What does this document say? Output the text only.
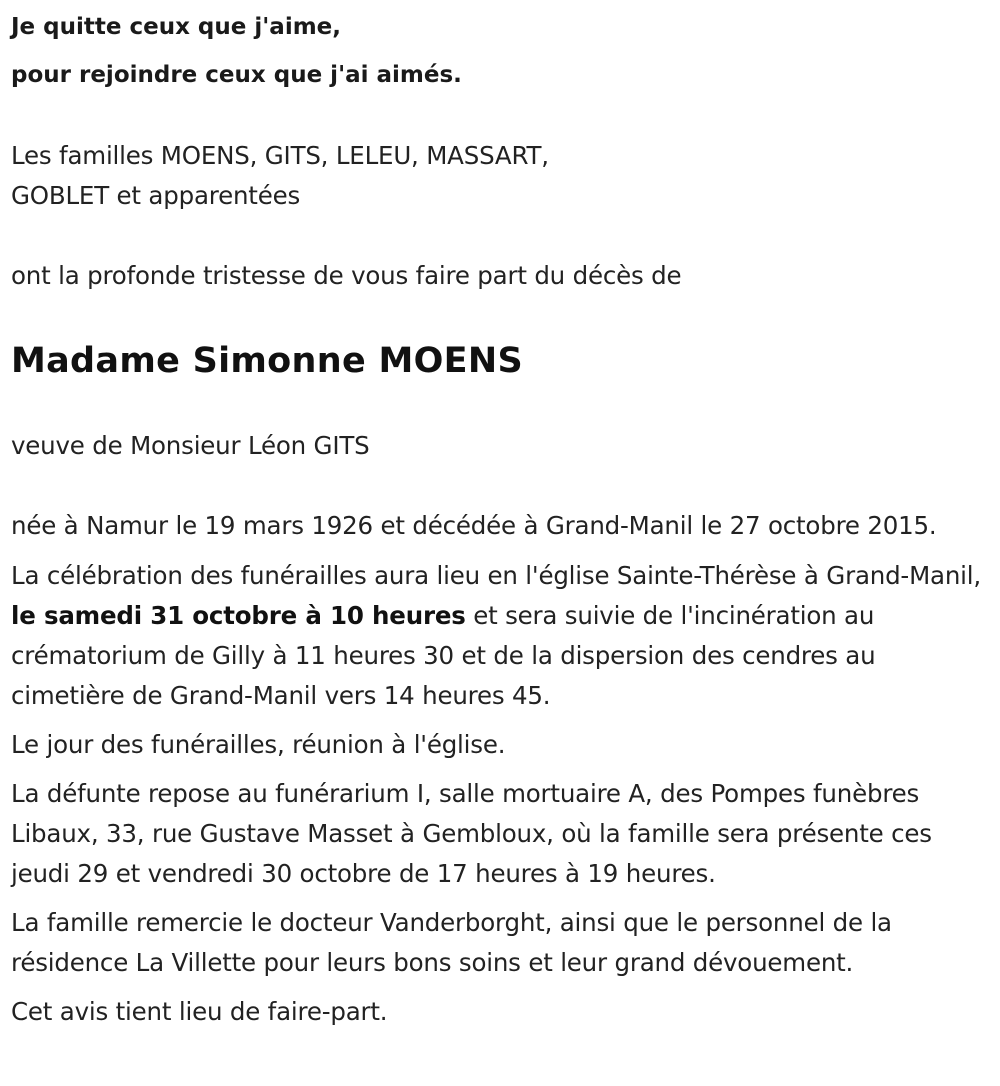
Je quitte ceux que j'aime,

pour rejoindre ceux que j'ai aimés.

Les familles MOENS, GITS, LELEU, MASSART,

GOBLET et apparentées

ont la profonde tristesse de vous faire part du décès de

Madame Simonne MOENS

veuve de Monsieur Léon GITS

née à Namur le 19 mars 1926 et décédée à Grand-Manil le 27 octobre 2015.

La célébration des funérailles aura lieu en l'église Sainte-Thérèse à Grand-Manil, le samedi 31 octobre à 10 heures et sera suivie de l'incinération au crématorium de Gilly à 11 heures 30 et de la dispersion des cendres au cimetière de Grand-Manil vers 14 heures 45.

Le jour des funérailles, réunion à l'église.

La défunte repose au funérarium I, salle mortuaire A, des Pompes funèbres Libaux, 33, rue Gustave Masset à Gembloux, où la famille sera présente ces jeudi 29 et vendredi 30 octobre de 17 heures à 19 heures.

La famille remercie le docteur Vanderborght, ainsi que le personnel de la résidence La Villette pour leurs bons soins et leur grand dévouement.

Cet avis tient lieu de faire-part.
